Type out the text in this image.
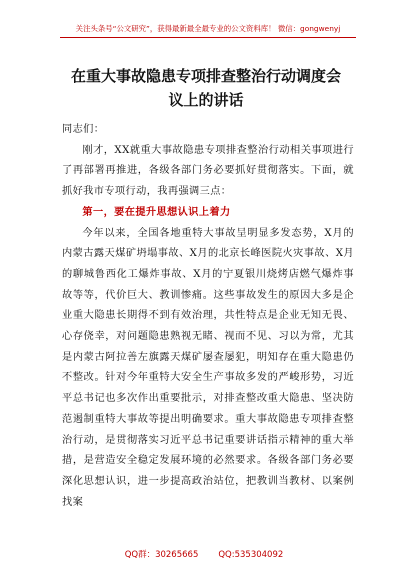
关注头条号“公文研究”，获得最新最全最专业的公文资料库！ 微信：gongwenyj
在重大事故隐患专项排查整治行动调度会
议上的讲话

同志们：

刚才，XX就重大事故隐患专项排查整治行动相关事项进行了再部署再推进，各级各部门务必要抓好贯彻落实。下面，就抓好我市专项行动，我再强调三点：

第一，要在提升思想认识上着力

今年以来，全国各地重特大事故呈明显多发态势，X月的内蒙古露天煤矿坍塌事故、X月的北京长峰医院火灾事故、X月的聊城鲁西化工爆炸事故、X月的宁夏银川烧烤店燃气爆炸事故等等，代价巨大、教训惨痛。这些事故发生的原因大多是企业重大隐患长期得不到有效治理，共性特点是企业无知无畏、心存侥幸，对问题隐患熟视无睹、视而不见、习以为常，尤其是内蒙古阿拉善左旗露天煤矿屡查屡犯，明知存在重大隐患仍不整改。针对今年重特大安全生产事故多发的严峻形势，习近平总书记也多次作出重要批示，对排查整改重大隐患、坚决防范遏制重特大事故等提出明确要求。重大事故隐患专项排查整治行动，是贯彻落实习近平总书记重要讲话指示精神的重大举措，是营造安全稳定发展环境的必然要求。各级各部门务必要深化思想认识，进一步提高政治站位，把教训当教材、以案例找案

QQ群：30265665 QQ:535304092
